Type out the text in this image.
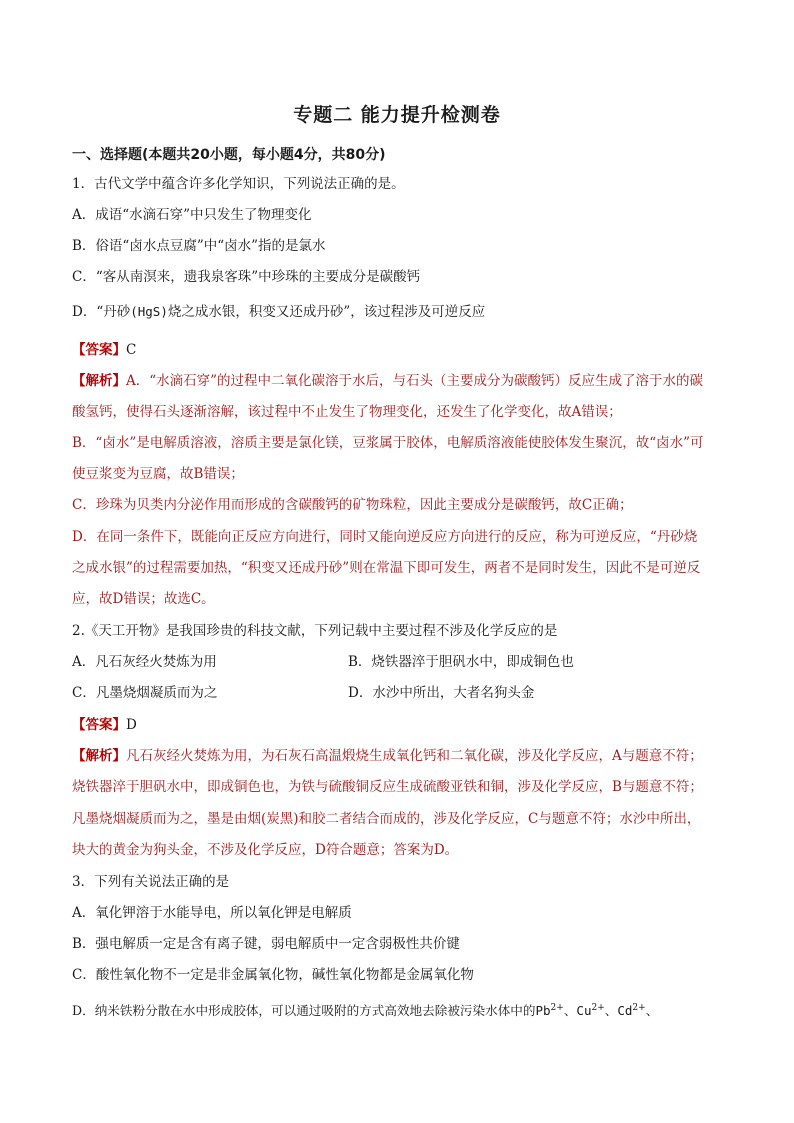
专题二 能力提升检测卷
一、选择题(本题共20小题，每小题4分，共80分)
1．古代文学中蕴含许多化学知识，下列说法正确的是。
A．成语“水滴石穿”中只发生了物理变化
B．俗语“卤水点豆腐”中“卤水”指的是氯水
C．“客从南溟来，遗我泉客珠”中珍珠的主要成分是碳酸钙
D．“丹砂(HgS)烧之成水银，积变又还成丹砂”，该过程涉及可逆反应
【答案】C
【解析】A．“水滴石穿”的过程中二氧化碳溶于水后，与石头（主要成分为碳酸钙）反应生成了溶于水的碳
酸氢钙，使得石头逐渐溶解，该过程中不止发生了物理变化，还发生了化学变化，故A错误；
B．“卤水”是电解质溶液，溶质主要是氯化镁，豆浆属于胶体，电解质溶液能使胶体发生聚沉，故“卤水”可
使豆浆变为豆腐，故B错误；
C．珍珠为贝类内分泌作用而形成的含碳酸钙的矿物珠粒，因此主要成分是碳酸钙，故C正确；
D．在同一条件下，既能向正反应方向进行，同时又能向逆反应方向进行的反应，称为可逆反应，“丹砂烧
之成水银”的过程需要加热，“积变又还成丹砂”则在常温下即可发生，两者不是同时发生，因此不是可逆反
应，故D错误；故选C。
2.《天工开物》是我国珍贵的科技文献，下列记载中主要过程不涉及化学反应的是
A．凡石灰经火焚炼为用	B．烧铁器淬于胆矾水中，即成铜色也
C．凡墨烧烟凝质而为之	D．水沙中所出，大者名狗头金
【答案】D
【解析】凡石灰经火焚炼为用，为石灰石高温煅烧生成氧化钙和二氧化碳，涉及化学反应，A与题意不符；
烧铁器淬于胆矾水中，即成铜色也，为铁与硫酸铜反应生成硫酸亚铁和铜，涉及化学反应，B与题意不符；
凡墨烧烟凝质而为之，墨是由烟(炭黑)和胶二者结合而成的，涉及化学反应，C与题意不符；水沙中所出，
块大的黄金为狗头金，不涉及化学反应，D符合题意；答案为D。
3．下列有关说法正确的是
A．氧化钾溶于水能导电，所以氧化钾是电解质
B．强电解质一定是含有离子键，弱电解质中一定含弱极性共价键
C．酸性氧化物不一定是非金属氧化物，碱性氧化物都是金属氧化物
D．纳米铁粉分散在水中形成胶体，可以通过吸附的方式高效地去除被污染水体中的$Pb^{2+}$、$Cu^{2+}$、$Cd^{2+}$、
